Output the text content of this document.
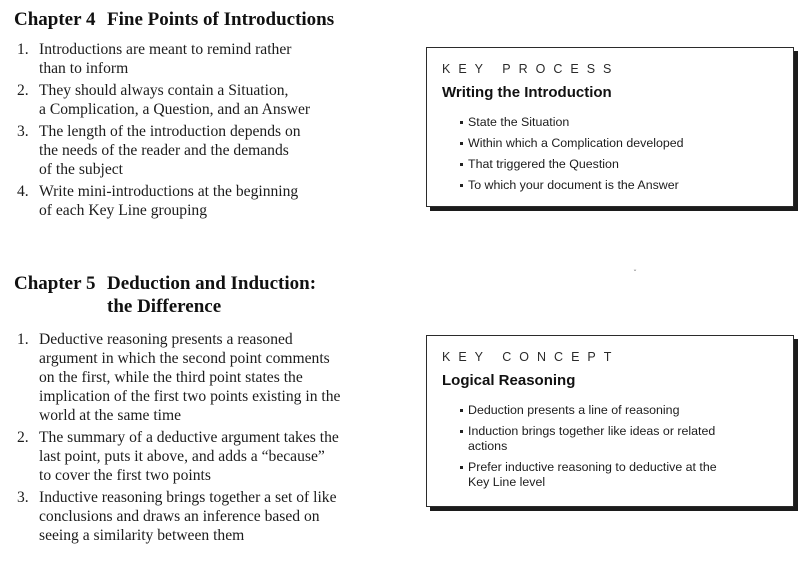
Chapter 4 Fine Points of Introductions
1. Introductions are meant to remind rather
than to inform
2. They should always contain a Situation,
a Complication, a Question, and an Answer
3. The length of the introduction depends on
the needs of the reader and the demands
of the subject
4. Write mini-introductions at the beginning
of each Key Line grouping
Chapter 5 Deduction and Induction:
the Difference
1. Deductive reasoning presents a reasoned
argument in which the second point comments
on the first, while the third point states the
implication of the first two points existing in the
world at the same time
2. The summary of a deductive argument takes the
last point, puts it above, and adds a “because”
to cover the first two points
3. Inductive reasoning brings together a set of like
conclusions and draws an inference based on
seeing a similarity between them
KEY PROCESS
Writing the Introduction
State the Situation
Within which a Complication developed
That triggered the Question
To which your document is the Answer
KEY CONCEPT
Logical Reasoning
Deduction presents a line of reasoning
Induction brings together like ideas or related
actions
Prefer inductive reasoning to deductive at the
Key Line level
ˇ
